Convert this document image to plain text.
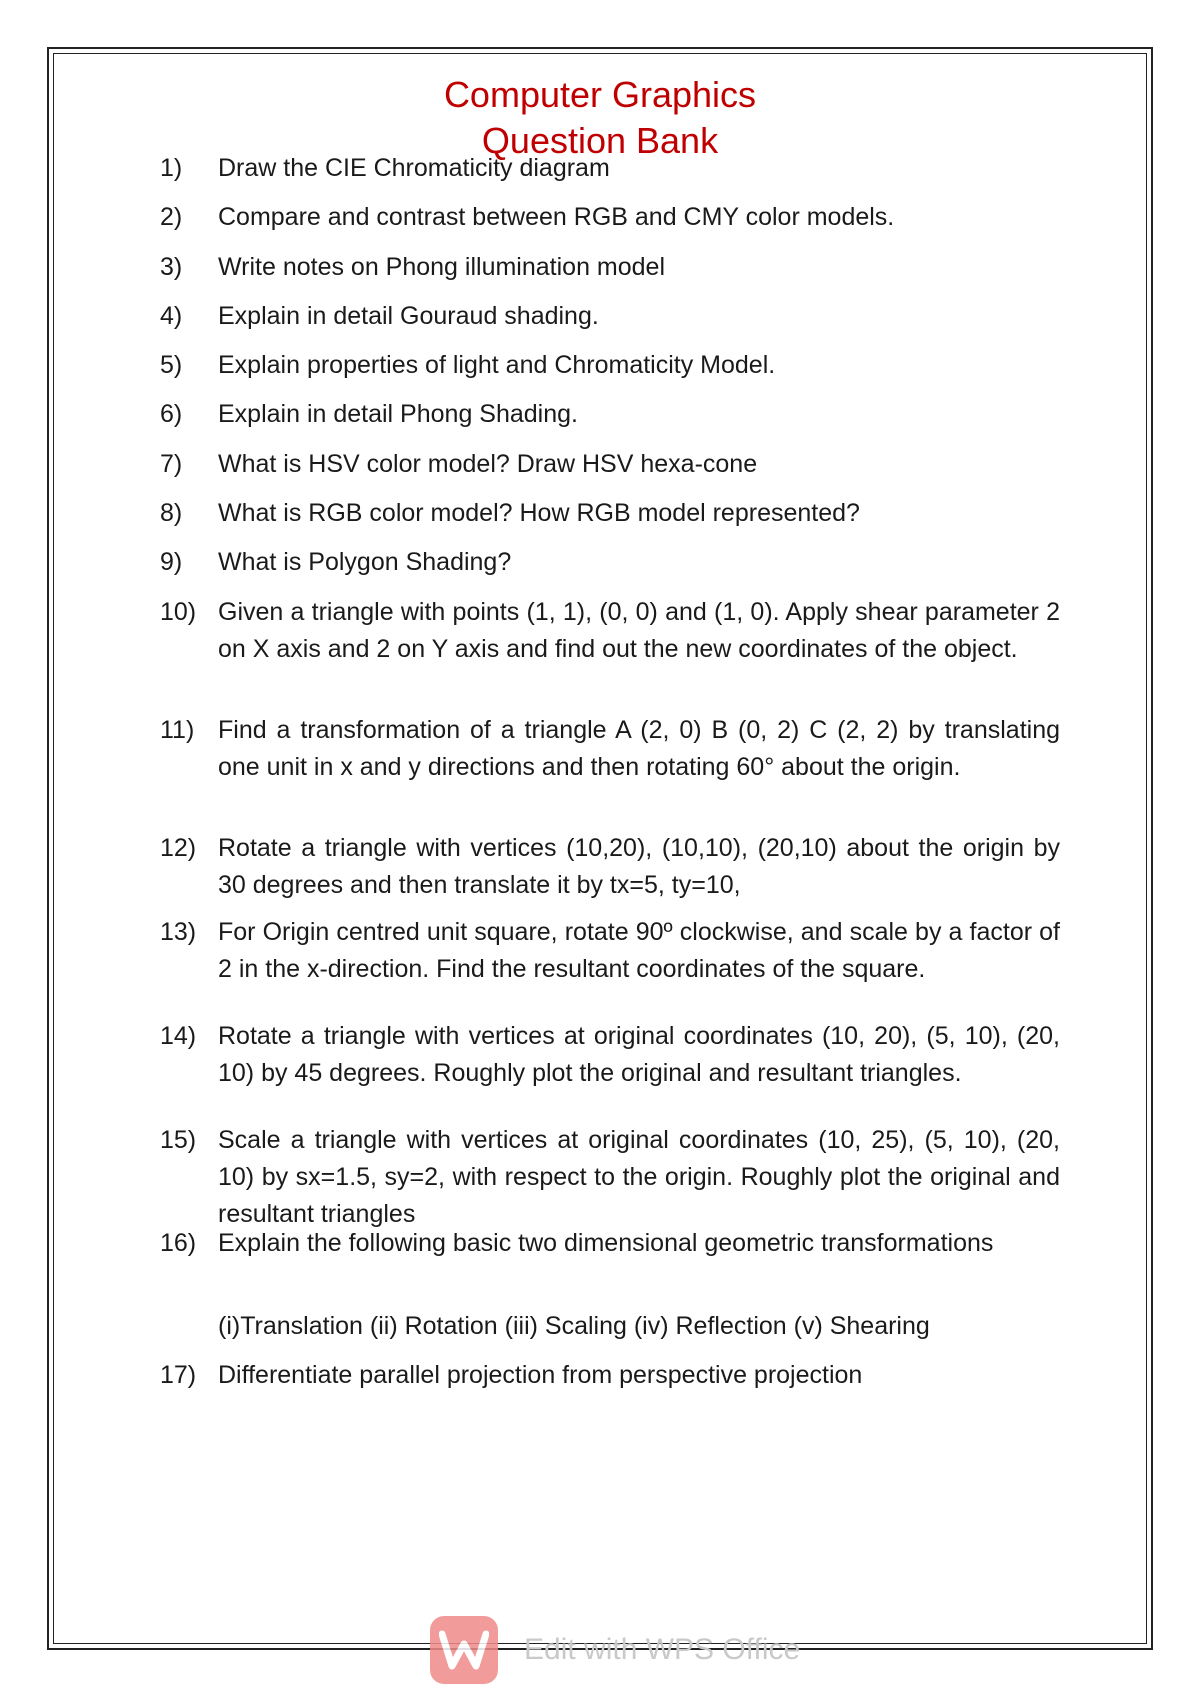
Computer Graphics
Question Bank
1)	Draw the CIE Chromaticity diagram
2)	Compare and contrast between RGB and CMY color models.
3)	Write notes on Phong illumination model
4)	Explain in detail Gouraud shading.
5)	Explain properties of light and Chromaticity Model.
6)	Explain in detail Phong Shading.
7)	What is HSV color model? Draw HSV hexa-cone
8)	What is RGB color model? How RGB model represented?
9)	What is Polygon Shading?
10) Given a triangle with points (1, 1), (0, 0) and (1, 0). Apply shear parameter 2 on X axis and 2 on Y axis and find out the new coordinates of the object.
11) Find a transformation of a triangle A (2, 0) B (0, 2) C (2, 2) by translating one unit in x and y directions and then rotating 60° about the origin.
12) Rotate a triangle with vertices (10,20), (10,10), (20,10) about the origin by 30 degrees and then translate it by tx=5, ty=10,
13) For Origin centred unit square, rotate 90º clockwise, and scale by a factor of 2 in the x-direction. Find the resultant coordinates of the square.
14) Rotate a triangle with vertices at original coordinates (10, 20), (5, 10), (20, 10) by 45 degrees. Roughly plot the original and resultant triangles.
15) Scale a triangle with vertices at original coordinates (10, 25), (5, 10), (20, 10) by sx=1.5, sy=2, with respect to the origin. Roughly plot the original and resultant triangles
16) Explain the following basic two dimensional geometric transformations
(i)Translation (ii) Rotation (iii) Scaling (iv) Reflection (v) Shearing
17) Differentiate parallel projection from perspective projection
Edit with WPS Office
